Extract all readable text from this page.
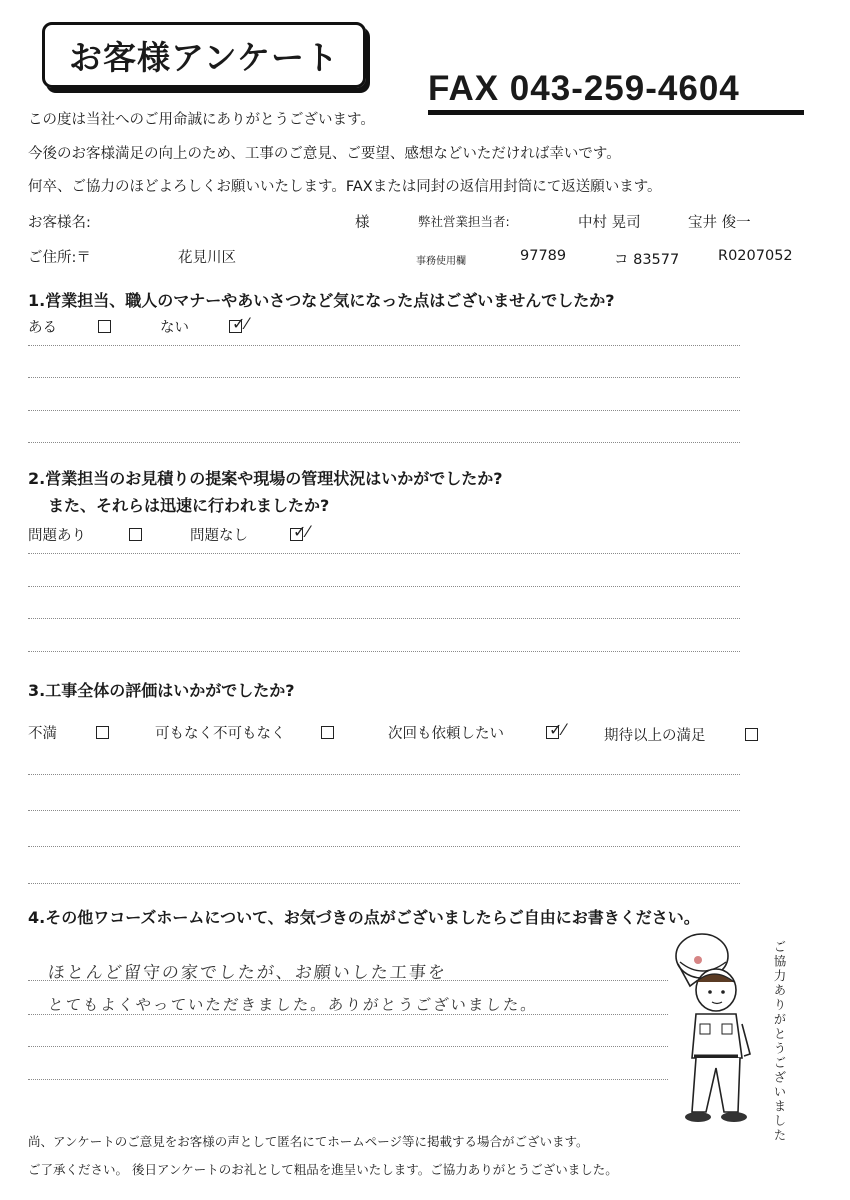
お客様アンケート
FAX 043-259-4604
この度は当社へのご用命誠にありがとうございます。
今後のお客様満足の向上のため、工事のご意見、ご要望、感想などいただければ幸いです。
何卒、ご協力のほどよろしくお願いいたします。FAXまたは同封の返信用封筒にて返送願います。
お客様名:	様	弊社営業担当者:	中村 晃司	宝井 俊一
ご住所:〒	花見川区	事務使用欄	97789	コ 83577	R0207052
1.営業担当、職人のマナーやあいさつなど気になった点はございませんでしたか?
ある	ない	✓⁄
2.営業担当のお見積りの提案や現場の管理状況はいかがでしたか?
また、それらは迅速に行われましたか?
問題あり	問題なし	✓⁄
3.工事全体の評価はいかがでしたか?
不満	可もなく不可もなく	次回も依頼したい	✓⁄	期待以上の満足
4.その他ワコーズホームについて、お気づきの点がございましたらご自由にお書きください。
ほとんど留守の家でしたが、お願いした工事を
とてもよくやっていただきました。ありがとうございました。	ご協力ありがとうございました
尚、アンケートのご意見をお客様の声として匿名にてホームページ等に掲載する場合がございます。
ご了承ください。 後日アンケートのお礼として粗品を進呈いたします。ご協力ありがとうございました。
